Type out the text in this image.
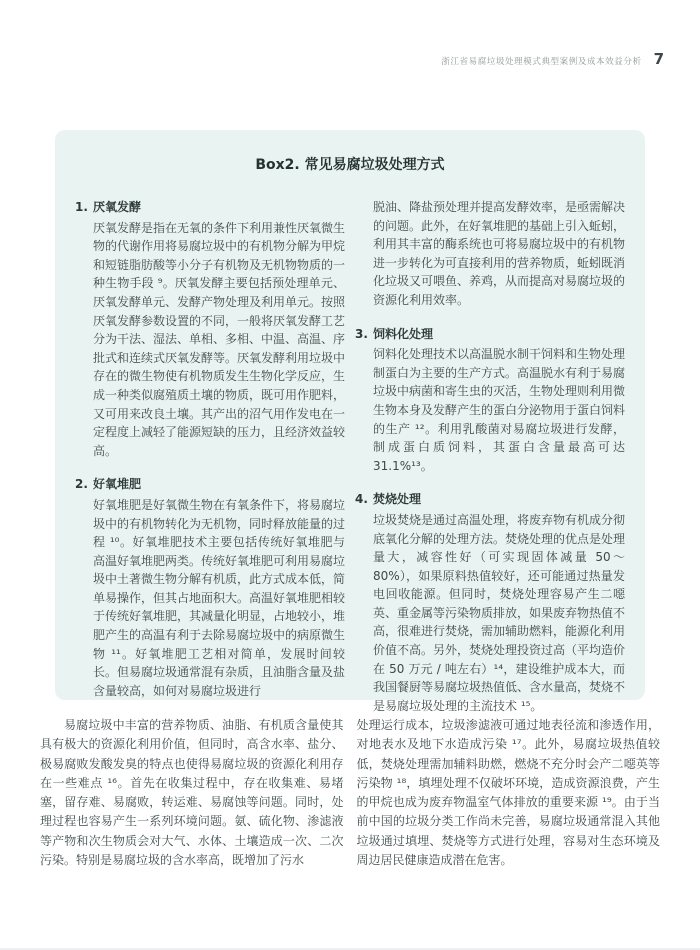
浙江省易腐垃圾处理模式典型案例及成本效益分析 7
Box2. 常见易腐垃圾处理方式
1. 厌氧发酵
厌氧发酵是指在无氧的条件下利用兼性厌氧微生物的代谢作用将易腐垃圾中的有机物分解为甲烷和短链脂肪酸等小分子有机物及无机物物质的一种生物手段 ⁹。厌氧发酵主要包括预处理单元、厌氧发酵单元、发酵产物处理及利用单元。按照厌氧发酵参数设置的不同，一般将厌氧发酵工艺分为干法、湿法、单相、多相、中温、高温、序批式和连续式厌氧发酵等。厌氧发酵利用垃圾中存在的微生物使有机物质发生生物化学反应，生成一种类似腐殖质土壤的物质，既可用作肥料，又可用来改良土壤。其产出的沼气用作发电在一定程度上减轻了能源短缺的压力，且经济效益较高。
2. 好氧堆肥
好氧堆肥是好氧微生物在有氧条件下，将易腐垃圾中的有机物转化为无机物，同时释放能量的过程 ¹⁰。好氧堆肥技术主要包括传统好氧堆肥与高温好氧堆肥两类。传统好氧堆肥可利用易腐垃圾中土著微生物分解有机质，此方式成本低，简单易操作，但其占地面积大。高温好氧堆肥相较于传统好氧堆肥，其减量化明显，占地较小，堆肥产生的高温有利于去除易腐垃圾中的病原微生物 ¹¹。好氧堆肥工艺相对简单，发展时间较长。但易腐垃圾通常混有杂质，且油脂含量及盐含量较高，如何对易腐垃圾进行
脱油、降盐预处理并提高发酵效率，是亟需解决的问题。此外，在好氧堆肥的基础上引入蚯蚓，利用其丰富的酶系统也可将易腐垃圾中的有机物进一步转化为可直接利用的营养物质，蚯蚓既消化垃圾又可喂鱼、养鸡，从而提高对易腐垃圾的资源化利用效率。
3. 饲料化处理
饲料化处理技术以高温脱水制干饲料和生物处理制蛋白为主要的生产方式。高温脱水有利于易腐垃圾中病菌和寄生虫的灭活，生物处理则利用微生物本身及发酵产生的蛋白分泌物用于蛋白饲料的生产 ¹²。利用乳酸菌对易腐垃圾进行发酵，制成蛋白质饲料，其蛋白含量最高可达 31.1%¹³。
4. 焚烧处理
垃圾焚烧是通过高温处理，将废弃物有机成分彻底氧化分解的处理方法。焚烧处理的优点是处理量大，减容性好（可实现固体减量 50～80%），如果原料热值较好，还可能通过热量发电回收能源。但同时，焚烧处理容易产生二噁英、重金属等污染物质排放，如果废弃物热值不高，很难进行焚烧，需加辅助燃料，能源化利用价值不高。另外，焚烧处理投资过高（平均造价在 50 万元 / 吨左右）¹⁴，建设维护成本大，而我国餐厨等易腐垃圾热值低、含水量高，焚烧不是易腐垃圾处理的主流技术 ¹⁵。

易腐垃圾中丰富的营养物质、油脂、有机质含量使其具有极大的资源化利用价值，但同时，高含水率、盐分、极易腐败发酸发臭的特点也使得易腐垃圾的资源化利用存在一些难点 ¹⁶。首先在收集过程中，存在收集难、易堵塞，留存难、易腐败，转运难、易腐蚀等问题。同时，处理过程也容易产生一系列环境问题。氨、硫化物、渗滤液等产物和次生物质会对大气、水体、土壤造成一次、二次污染。特别是易腐垃圾的含水率高，既增加了污水

处理运行成本，垃圾渗滤液可通过地表径流和渗透作用，对地表水及地下水造成污染 ¹⁷。此外，易腐垃圾热值较低，焚烧处理需加辅料助燃，燃烧不充分时会产二噁英等污染物 ¹⁸，填埋处理不仅破坏环境，造成资源浪费，产生的甲烷也成为废弃物温室气体排放的重要来源 ¹⁹。由于当前中国的垃圾分类工作尚未完善，易腐垃圾通常混入其他垃圾通过填埋、焚烧等方式进行处理，容易对生态环境及周边居民健康造成潜在危害。
